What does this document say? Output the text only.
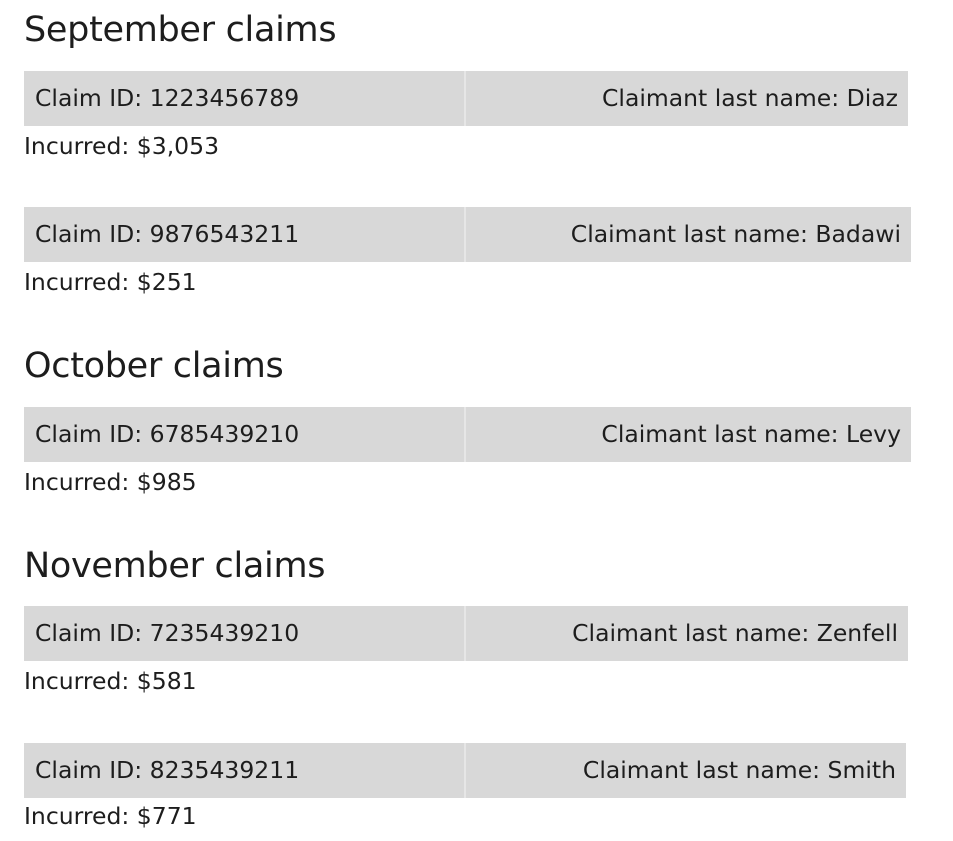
September claims
Claim ID: 1223456789	Claimant last name: Diaz
Incurred: $3,053
Claim ID: 9876543211	Claimant last name: Badawi
Incurred: $251
October claims
Claim ID: 6785439210	Claimant last name: Levy
Incurred: $985
November claims
Claim ID: 7235439210	Claimant last name: Zenfell
Incurred: $581
Claim ID: 8235439211	Claimant last name: Smith
Incurred: $771
